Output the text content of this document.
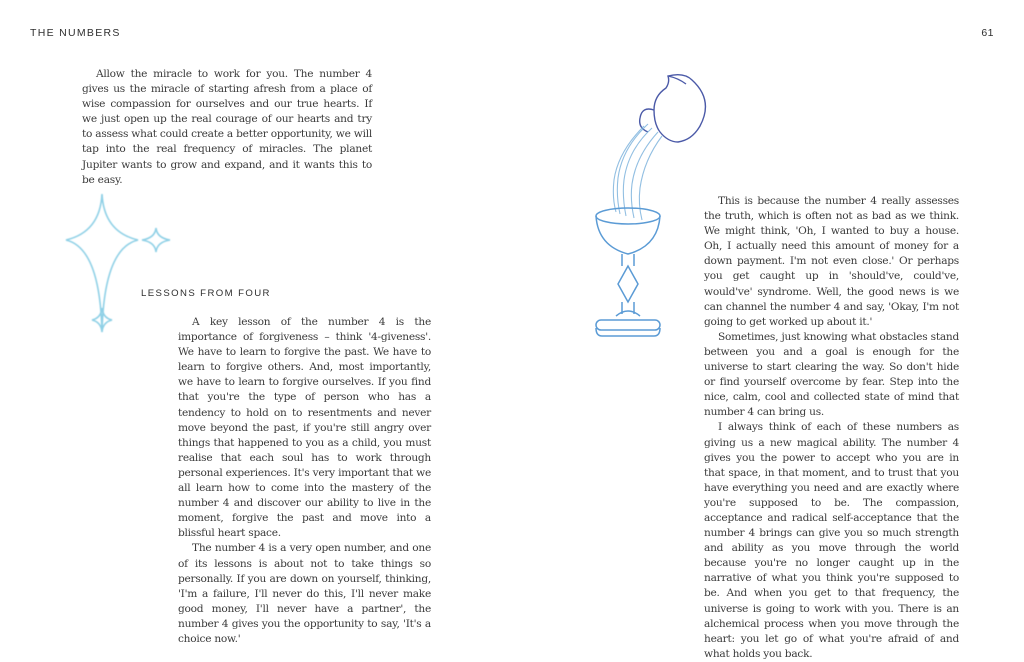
THE NUMBERS	61

Allow the miracle to work for you. The number 4 gives us the miracle of starting afresh from a place of wise compassion for ourselves and our true hearts. If we just open up the real courage of our hearts and try to assess what could create a better opportunity, we will tap into the real frequency of miracles. The planet Jupiter wants to grow and expand, and it wants this to be easy.

LESSONS FROM FOUR

A key lesson of the number 4 is the importance of forgiveness – think '4-giveness'. We have to learn to forgive the past. We have to learn to forgive others. And, most importantly, we have to learn to forgive ourselves. If you find that you're the type of person who has a tendency to hold on to resentments and never move beyond the past, if you're still angry over things that happened to you as a child, you must realise that each soul has to work through personal experiences. It's very important that we all learn how to come into the mastery of the number 4 and discover our ability to live in the moment, forgive the past and move into a blissful heart space.

The number 4 is a very open number, and one of its lessons is about not to take things so personally. If you are down on yourself, thinking, 'I'm a failure, I'll never do this, I'll never make good money, I'll never have a partner', the number 4 gives you the opportunity to say, 'It's a choice now.'

This is because the number 4 really assesses the truth, which is often not as bad as we think. We might think, 'Oh, I wanted to buy a house. Oh, I actually need this amount of money for a down payment. I'm not even close.' Or perhaps you get caught up in 'should've, could've, would've' syndrome. Well, the good news is we can channel the number 4 and say, 'Okay, I'm not going to get worked up about it.'

Sometimes, just knowing what obstacles stand between you and a goal is enough for the universe to start clearing the way. So don't hide or find yourself overcome by fear. Step into the nice, calm, cool and collected state of mind that number 4 can bring us.

I always think of each of these numbers as giving us a new magical ability. The number 4 gives you the power to accept who you are in that space, in that moment, and to trust that you have everything you need and are exactly where you're supposed to be. The compassion, acceptance and radical self-acceptance that the number 4 brings can give you so much strength and ability as you move through the world because you're no longer caught up in the narrative of what you think you're supposed to be. And when you get to that frequency, the universe is going to work with you. There is an alchemical process when you move through the heart: you let go of what you're afraid of and what holds you back.
